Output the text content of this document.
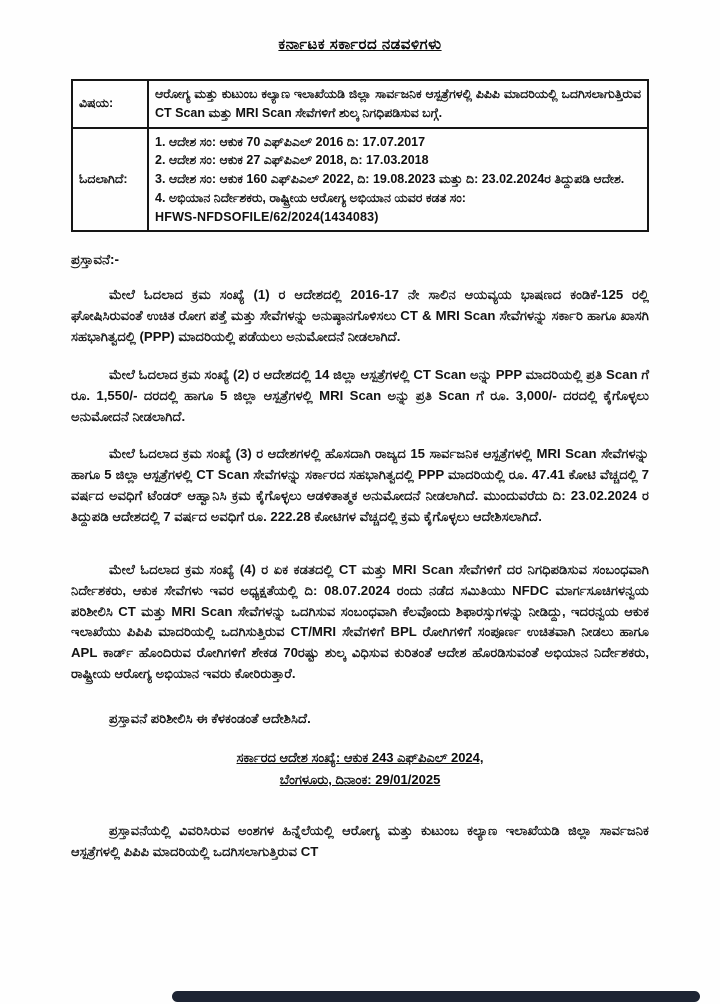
ಕರ್ನಾಟಕ ಸರ್ಕಾರದ ನಡವಳಿಗಳು
ವಿಷಯ:	ಆರೋಗ್ಯ ಮತ್ತು ಕುಟುಂಬ ಕಲ್ಯಾಣ ಇಲಾಖೆಯಡಿ ಜಿಲ್ಲಾ ಸಾರ್ವಜನಿಕ ಆಸ್ಪತ್ರೆಗಳಲ್ಲಿ ಪಿಪಿಪಿ ಮಾದರಿಯಲ್ಲಿ ಒದಗಿಸಲಾಗುತ್ತಿರುವ CT Scan ಮತ್ತು MRI Scan ಸೇವೆಗಳಿಗೆ ಶುಲ್ಕ ನಿಗಧಿಪಡಿಸುವ ಬಗ್ಗೆ.
ಓದಲಾಗಿದೆ:	
1. ಆದೇಶ ಸಂ: ಆಕುಕ 70 ಎಫ್‌ಪಿಎಲ್ 2016 ದಿ: 17.07.2017
2. ಆದೇಶ ಸಂ: ಆಕುಕ 27 ಎಫ್‌ಪಿಎಲ್ 2018, ದಿ: 17.03.2018
3. ಆದೇಶ ಸಂ: ಆಕುಕ 160 ಎಫ್‌ಪಿಎಲ್ 2022, ದಿ: 19.08.2023 ಮತ್ತು ದಿ: 23.02.2024ರ ತಿದ್ದುಪಡಿ ಆದೇಶ.
4. ಅಭಿಯಾನ ನಿರ್ದೇಶಕರು, ರಾಷ್ಟ್ರೀಯ ಆರೋಗ್ಯ ಅಭಿಯಾನ ಯವರ ಕಡತ ಸಂ:
HFWS-NFDSOFILE/62/2024(1434083)
ಪ್ರಸ್ತಾವನೆ:-

ಮೇಲೆ ಓದಲಾದ ಕ್ರಮ ಸಂಖ್ಯೆ (1) ರ ಆದೇಶದಲ್ಲಿ 2016-17 ನೇ ಸಾಲಿನ ಆಯವ್ಯಯ ಭಾಷಣದ ಕಂಡಿಕೆ-125 ರಲ್ಲಿ ಘೋಷಿಸಿರುವಂತೆ ಉಚಿತ ರೋಗ ಪತ್ತೆ ಮತ್ತು ಸೇವೆಗಳನ್ನು ಅನುಷ್ಠಾನಗೊಳಿಸಲು CT & MRI Scan ಸೇವೆಗಳನ್ನು ಸರ್ಕಾರಿ ಹಾಗೂ ಖಾಸಗಿ ಸಹಭಾಗಿತ್ವದಲ್ಲಿ (PPP) ಮಾದರಿಯಲ್ಲಿ ಪಡೆಯಲು ಅನುಮೋದನೆ ನೀಡಲಾಗಿದೆ.

ಮೇಲೆ ಓದಲಾದ ಕ್ರಮ ಸಂಖ್ಯೆ (2) ರ ಆದೇಶದಲ್ಲಿ 14 ಜಿಲ್ಲಾ ಆಸ್ಪತ್ರೆಗಳಲ್ಲಿ CT Scan ಅನ್ನು PPP ಮಾದರಿಯಲ್ಲಿ ಪ್ರತಿ Scan ಗೆ ರೂ. 1,550/- ದರದಲ್ಲಿ ಹಾಗೂ 5 ಜಿಲ್ಲಾ ಆಸ್ಪತ್ರೆಗಳಲ್ಲಿ MRI Scan ಅನ್ನು ಪ್ರತಿ Scan ಗೆ ರೂ. 3,000/- ದರದಲ್ಲಿ ಕೈಗೊಳ್ಳಲು ಅನುಮೋದನೆ ನೀಡಲಾಗಿದೆ.

ಮೇಲೆ ಓದಲಾದ ಕ್ರಮ ಸಂಖ್ಯೆ (3) ರ ಆದೇಶಗಳಲ್ಲಿ ಹೊಸದಾಗಿ ರಾಜ್ಯದ 15 ಸಾರ್ವಜನಿಕ ಆಸ್ಪತ್ರೆಗಳಲ್ಲಿ MRI Scan ಸೇವೆಗಳನ್ನು ಹಾಗೂ 5 ಜಿಲ್ಲಾ ಆಸ್ಪತ್ರೆಗಳಲ್ಲಿ CT Scan ಸೇವೆಗಳನ್ನು ಸರ್ಕಾರದ ಸಹಭಾಗಿತ್ವದಲ್ಲಿ PPP ಮಾದರಿಯಲ್ಲಿ ರೂ. 47.41 ಕೋಟಿ ವೆಚ್ಚದಲ್ಲಿ 7 ವರ್ಷದ ಅವಧಿಗೆ ಟೆಂಡರ್ ಆಹ್ವಾನಿಸಿ ಕ್ರಮ ಕೈಗೊಳ್ಳಲು ಆಡಳಿತಾತ್ಮಕ ಅನುಮೋದನೆ ನೀಡಲಾಗಿದೆ. ಮುಂದುವರೆದು ದಿ: 23.02.2024 ರ ತಿದ್ದುಪಡಿ ಆದೇಶದಲ್ಲಿ 7 ವರ್ಷದ ಅವಧಿಗೆ ರೂ. 222.28 ಕೋಟಿಗಳ ವೆಚ್ಚದಲ್ಲಿ ಕ್ರಮ ಕೈಗೊಳ್ಳಲು ಆದೇಶಿಸಲಾಗಿದೆ.

ಮೇಲೆ ಓದಲಾದ ಕ್ರಮ ಸಂಖ್ಯೆ (4) ರ ಏಕ ಕಡತದಲ್ಲಿ CT ಮತ್ತು MRI Scan ಸೇವೆಗಳಿಗೆ ದರ ನಿಗಧಿಪಡಿಸುವ ಸಂಬಂಧವಾಗಿ ನಿರ್ದೇಶಕರು, ಆಕುಕ ಸೇವೆಗಳು ಇವರ ಅಧ್ಯಕ್ಷತೆಯಲ್ಲಿ ದಿ: 08.07.2024 ರಂದು ನಡೆದ ಸಮಿತಿಯು NFDC ಮಾರ್ಗಸೂಚಿಗಳನ್ವಯ ಪರಿಶೀಲಿಸಿ CT ಮತ್ತು MRI Scan ಸೇವೆಗಳನ್ನು ಒದಗಿಸುವ ಸಂಬಂಧವಾಗಿ ಕೆಲವೊಂದು ಶಿಫಾರಸ್ಸುಗಳನ್ನು ನೀಡಿದ್ದು, ಇದರನ್ವಯ ಆಕುಕ ಇಲಾಖೆಯು ಪಿಪಿಪಿ ಮಾದರಿಯಲ್ಲಿ ಒದಗಿಸುತ್ತಿರುವ CT/MRI ಸೇವೆಗಳಿಗೆ BPL ರೋಗಿಗಳಿಗೆ ಸಂಪೂರ್ಣ ಉಚಿತವಾಗಿ ನೀಡಲು ಹಾಗೂ APL ಕಾರ್ಡ್ ಹೊಂದಿರುವ ರೋಗಿಗಳಿಗೆ ಶೇಕಡ 70ರಷ್ಟು ಶುಲ್ಕ ವಿಧಿಸುವ ಕುರಿತಂತೆ ಆದೇಶ ಹೊರಡಿಸುವಂತೆ ಅಭಿಯಾನ ನಿರ್ದೇಶಕರು, ರಾಷ್ಟ್ರೀಯ ಆರೋಗ್ಯ ಅಭಿಯಾನ ಇವರು ಕೋರಿರುತ್ತಾರೆ.

ಪ್ರಸ್ತಾವನೆ ಪರಿಶೀಲಿಸಿ ಈ ಕೆಳಕಂಡಂತೆ ಆದೇಶಿಸಿದೆ.

ಸರ್ಕಾರದ ಆದೇಶ ಸಂಖ್ಯೆ: ಆಕುಕ 243 ಎಫ್‌ಪಿಎಲ್ 2024,
ಬೆಂಗಳೂರು, ದಿನಾಂಕ: 29/01/2025

ಪ್ರಸ್ತಾವನೆಯಲ್ಲಿ ವಿವರಿಸಿರುವ ಅಂಶಗಳ ಹಿನ್ನೆಲೆಯಲ್ಲಿ ಆರೋಗ್ಯ ಮತ್ತು ಕುಟುಂಬ ಕಲ್ಯಾಣ ಇಲಾಖೆಯಡಿ ಜಿಲ್ಲಾ ಸಾರ್ವಜನಿಕ ಆಸ್ಪತ್ರೆಗಳಲ್ಲಿ ಪಿಪಿಪಿ ಮಾದರಿಯಲ್ಲಿ ಒದಗಿಸಲಾಗುತ್ತಿರುವ CT
